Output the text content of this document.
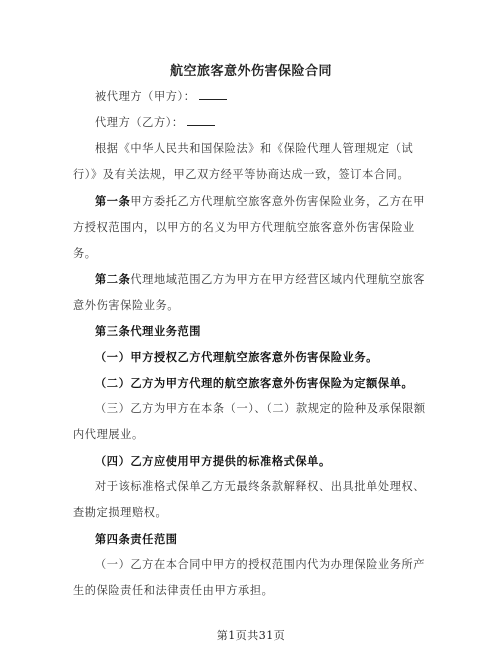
航空旅客意外伤害保险合同
被代理方（甲方）：
代理方（乙方）：
根据《中华人民共和国保险法》和《保险代理人管理规定（试行）》及有关法规，甲乙双方经平等协商达成一致，签订本合同。
第一条甲方委托乙方代理航空旅客意外伤害保险业务，乙方在甲方授权范围内，以甲方的名义为甲方代理航空旅客意外伤害保险业务。
第二条代理地域范围乙方为甲方在甲方经营区域内代理航空旅客意外伤害保险业务。
第三条代理业务范围
（一）甲方授权乙方代理航空旅客意外伤害保险业务。
（二）乙方为甲方代理的航空旅客意外伤害保险为定额保单。
（三）乙方为甲方在本条（一）、（二）款规定的险种及承保限额内代理展业。
（四）乙方应使用甲方提供的标准格式保单。
对于该标准格式保单乙方无最终条款解释权、出具批单处理权、查勘定损理赔权。
第四条责任范围
（一）乙方在本合同中甲方的授权范围内代为办理保险业务所产生的保险责任和法律责任由甲方承担。
第1页共31页
